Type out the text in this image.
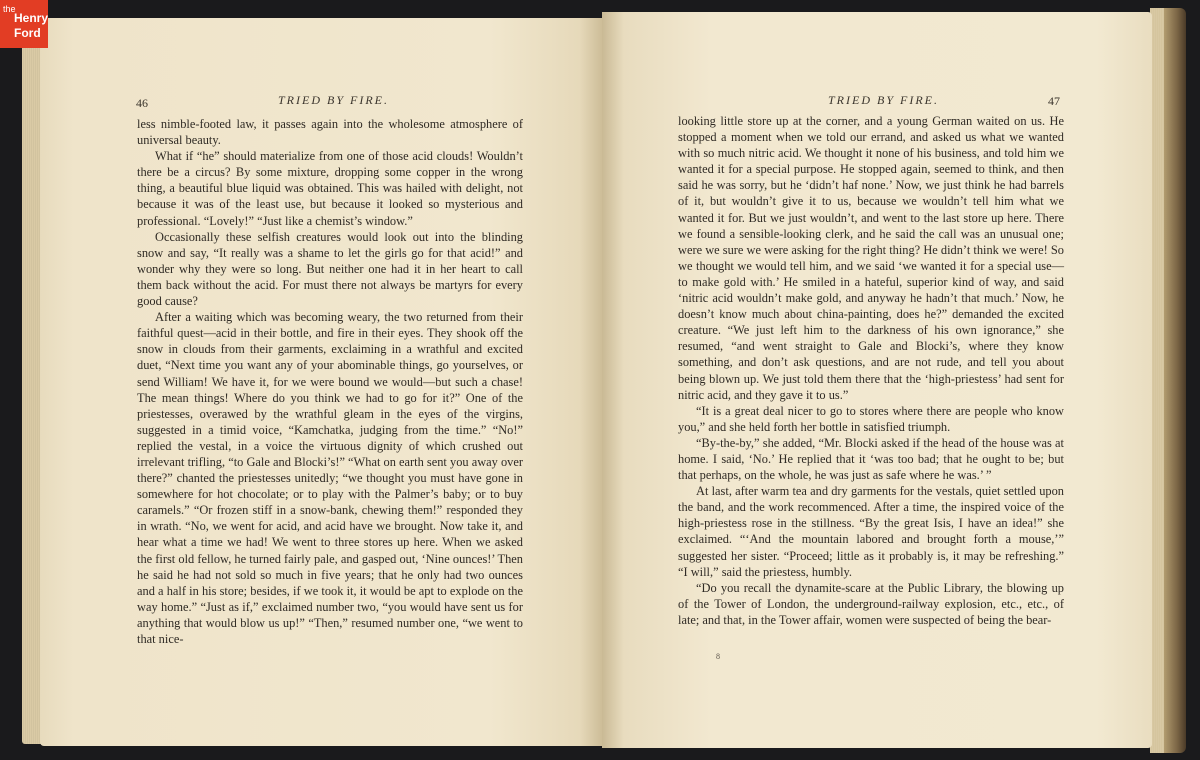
46	TRIED BY FIRE.

less nimble-footed law, it passes again into the wholesome atmosphere of universal beauty.

What if “he” should materialize from one of those acid clouds! Wouldn’t there be a circus? By some mixture, dropping some copper in the wrong thing, a beautiful blue liquid was obtained. This was hailed with delight, not because it was of the least use, but because it looked so mysterious and professional. “Lovely!” “Just like a chemist’s window.”

Occasionally these selfish creatures would look out into the blinding snow and say, “It really was a shame to let the girls go for that acid!” and wonder why they were so long. But neither one had it in her heart to call them back without the acid. For must there not always be martyrs for every good cause?

After a waiting which was becoming weary, the two returned from their faithful quest—acid in their bottle, and fire in their eyes. They shook off the snow in clouds from their garments, exclaiming in a wrathful and excited duet, “Next time you want any of your abominable things, go yourselves, or send William! We have it, for we were bound we would—but such a chase! The mean things! Where do you think we had to go for it?” One of the priestesses, overawed by the wrathful gleam in the eyes of the virgins, suggested in a timid voice, “Kamchatka, judging from the time.” “No!” replied the vestal, in a voice the virtuous dignity of which crushed out irrelevant trifling, “to Gale and Blocki’s!” “What on earth sent you away over there?” chanted the priestesses unitedly; “we thought you must have gone in somewhere for hot chocolate; or to play with the Palmer’s baby; or to buy caramels.” “Or frozen stiff in a snow-bank, chewing them!” responded they in wrath. “No, we went for acid, and acid have we brought. Now take it, and hear what a time we had! We went to three stores up here. When we asked the first old fellow, he turned fairly pale, and gasped out, ‘Nine ounces!’ Then he said he had not sold so much in five years; that he only had two ounces and a half in his store; besides, if we took it, it would be apt to explode on the way home.” “Just as if,” exclaimed number two, “you would have sent us for anything that would blow us up!” “Then,” resumed number one, “we went to that nice-

TRIED BY FIRE.	47

looking little store up at the corner, and a young German waited on us. He stopped a moment when we told our errand, and asked us what we wanted with so much nitric acid. We thought it none of his business, and told him we wanted it for a special purpose. He stopped again, seemed to think, and then said he was sorry, but he ‘didn’t haf none.’ Now, we just think he had barrels of it, but wouldn’t give it to us, because we wouldn’t tell him what we wanted it for. But we just wouldn’t, and went to the last store up here. There we found a sensible-looking clerk, and he said the call was an unusual one; were we sure we were asking for the right thing? He didn’t think we were! So we thought we would tell him, and we said ‘we wanted it for a special use—to make gold with.’ He smiled in a hateful, superior kind of way, and said ‘nitric acid wouldn’t make gold, and anyway he hadn’t that much.’ Now, he doesn’t know much about china-painting, does he?” demanded the excited creature. “We just left him to the darkness of his own ignorance,” she resumed, “and went straight to Gale and Blocki’s, where they know something, and don’t ask questions, and are not rude, and tell you about being blown up. We just told them there that the ‘high-priestess’ had sent for nitric acid, and they gave it to us.”

“It is a great deal nicer to go to stores where there are people who know you,” and she held forth her bottle in satisfied triumph.

“By-the-by,” she added, “Mr. Blocki asked if the head of the house was at home. I said, ‘No.’ He replied that it ‘was too bad; that he ought to be; but that perhaps, on the whole, he was just as safe where he was.’ ”

At last, after warm tea and dry garments for the vestals, quiet settled upon the band, and the work recommenced. After a time, the inspired voice of the high-priestess rose in the stillness. “By the great Isis, I have an idea!” she exclaimed. “‘And the mountain labored and brought forth a mouse,’” suggested her sister. “Proceed; little as it probably is, it may be refreshing.” “I will,” said the priestess, humbly.

“Do you recall the dynamite-scare at the Public Library, the blowing up of the Tower of London, the underground-railway explosion, etc., etc., of late; and that, in the Tower affair, women were suspected of being the bear-

8
the
Henry
Ford
